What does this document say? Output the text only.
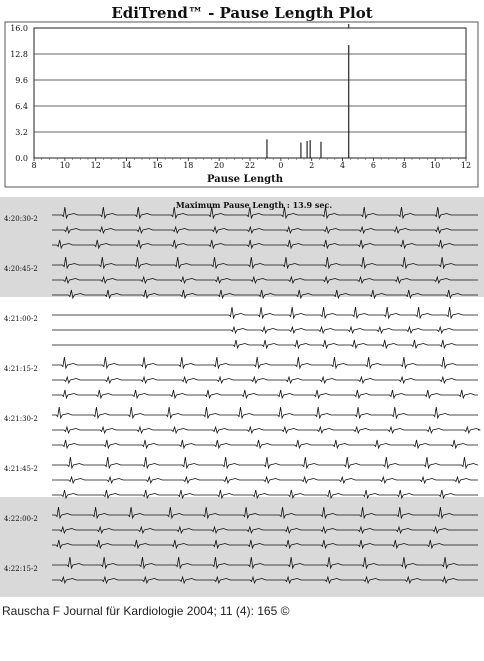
16.0
12.8
9.6
6.4
3.2
0.0
8	10	12	14	16	18	20	22	0	2	4	6	8	10	12
Pause Length
EdiTrend™ - Pause Length Plot
4:20:30-2
4:20:45-2
4:21:00-2
4:21:15-2
4:21:30-2
4:21:45-2
4:22:00-2
4:22:15-2
Maximum Pause Length : 13.9 sec.
Rauscha F Journal für Kardiologie 2004; 11 (4): 165 ©
